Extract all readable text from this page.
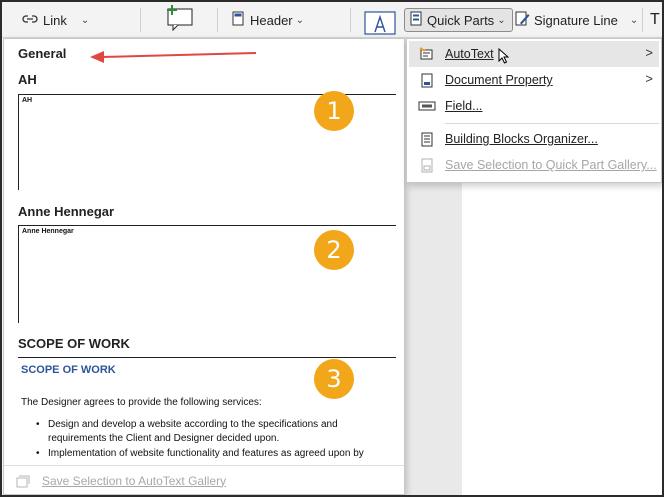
Link ⌄	Header ⌄	Quick Parts ⌄ Signature Line ⌄ T
General
AH
AH	1
Anne Hennegar
Anne Hennegar
2
SCOPE OF WORK
SCOPE OF WORK
The Designer agrees to provide the following services:
• Design and develop a website according to the specifications and requirements the Client and Designer decided upon.
• Implementation of website functionality and features as agreed upon by
3
Save Selection to AutoText Gallery
AutoText	>
Document Property	>
Field...
Building Blocks Organizer...
Save Selection to Quick Part Gallery...
